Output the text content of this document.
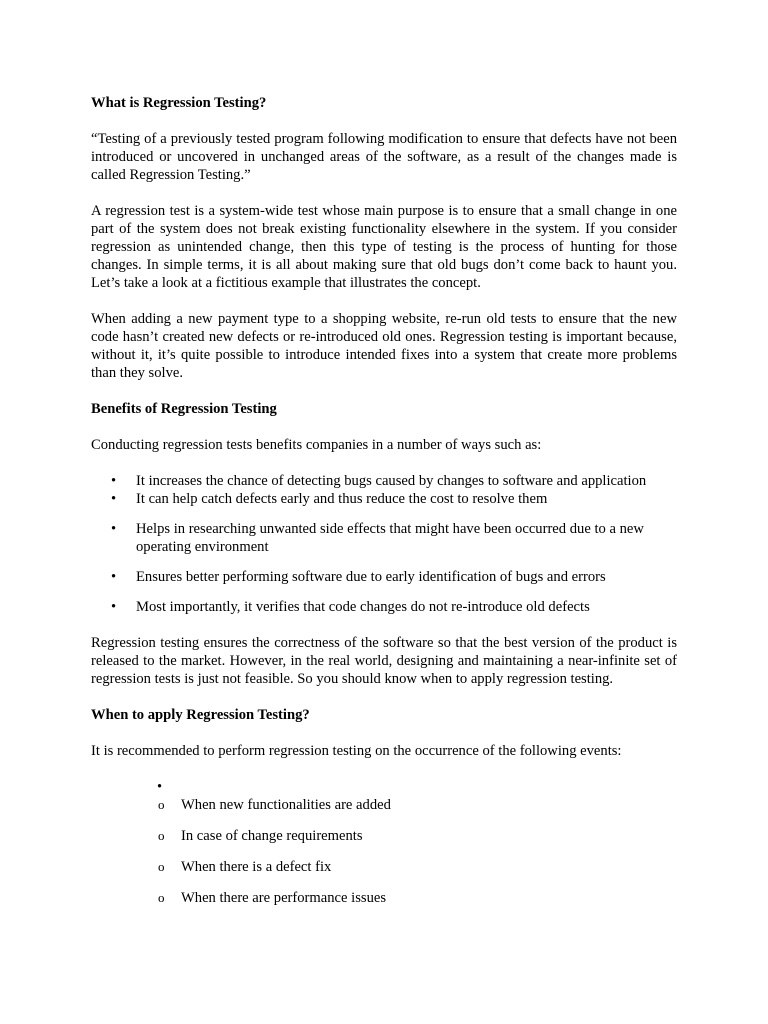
What is Regression Testing?

“Testing of a previously tested program following modification to ensure that defects have not been introduced or uncovered in unchanged areas of the software, as a result of the changes made is called Regression Testing.”

A regression test is a system-wide test whose main purpose is to ensure that a small change in one part of the system does not break existing functionality elsewhere in the system. If you consider regression as unintended change, then this type of testing is the process of hunting for those changes. In simple terms, it is all about making sure that old bugs don’t come back to haunt you. Let’s take a look at a fictitious example that illustrates the concept.

When adding a new payment type to a shopping website, re-run old tests to ensure that the new code hasn’t created new defects or re-introduced old ones. Regression testing is important because, without it, it’s quite possible to introduce intended fixes into a system that create more problems than they solve.

Benefits of Regression Testing

Conducting regression tests benefits companies in a number of ways such as:

• It increases the chance of detecting bugs caused by changes to software and application
• It can help catch defects early and thus reduce the cost to resolve them
• Helps in researching unwanted side effects that might have been occurred due to a new operating environment
• Ensures better performing software due to early identification of bugs and errors
• Most importantly, it verifies that code changes do not re-introduce old defects

Regression testing ensures the correctness of the software so that the best version of the product is released to the market. However, in the real world, designing and maintaining a near-infinite set of regression tests is just not feasible. So you should know when to apply regression testing.

When to apply Regression Testing?

It is recommended to perform regression testing on the occurrence of the following events:

•
o When new functionalities are added
o In case of change requirements
o When there is a defect fix
o When there are performance issues
